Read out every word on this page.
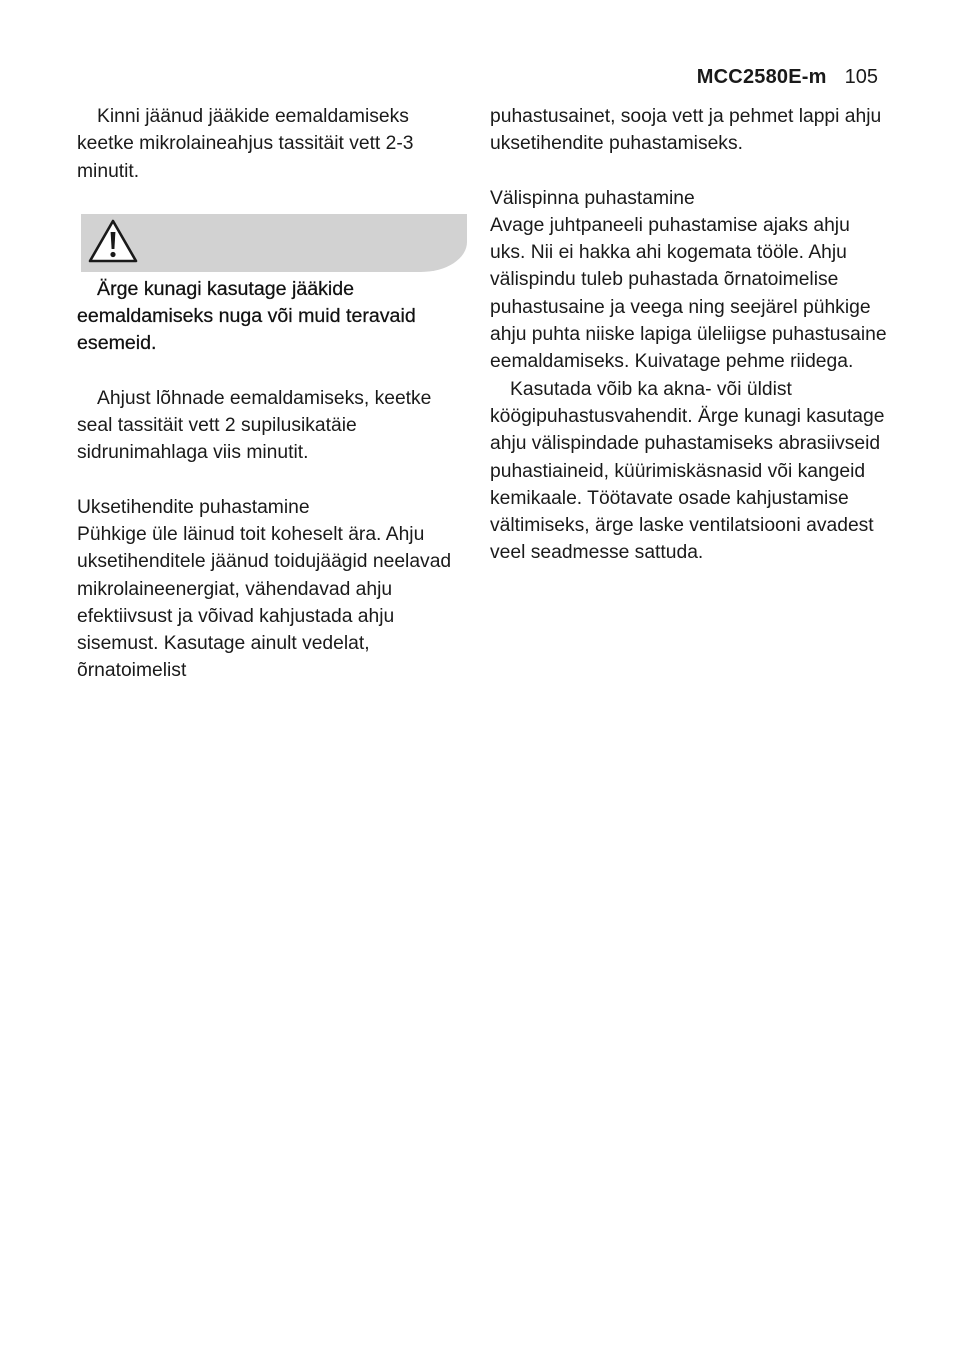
MCC2580E-m 105

Kinni jäänud jääkide eemaldamiseks keetke mikrolaineahjus tassitäit vett 2-3 minutit.

Ärge kunagi kasutage jääkide eemaldamiseks nuga või muid teravaid esemeid.

Ahjust lõhnade eemaldamiseks, keetke seal tassitäit vett 2 supilusikatäie sidrunimahlaga viis minutit.

Uksetihendite puhastamine

Pühkige üle läinud toit koheselt ära. Ahju uksetihenditele jäänud toidujäägid neelavad mikrolaineenergiat, vähendavad ahju efektiivsust ja võivad kahjustada ahju sisemust. Kasutage ainult vedelat, õrnatoimelist

puhastusainet, sooja vett ja pehmet lappi ahju uksetihendite puhastamiseks.

Välispinna puhastamine

Avage juhtpaneeli puhastamise ajaks ahju uks. Nii ei hakka ahi kogemata tööle. Ahju välispindu tuleb puhastada õrnatoimelise puhastusaine ja veega ning seejärel pühkige ahju puhta niiske lapiga üleliigse puhastusaine eemaldamiseks. Kuivatage pehme riidega.

Kasutada võib ka akna- või üldist köögipuhastusvahendit. Ärge kunagi kasutage ahju välispindade puhastamiseks abrasiivseid puhastiaineid, küürimiskäsnasid või kangeid kemikaale. Töötavate osade kahjustamise vältimiseks, ärge laske ventilatsiooni avadest veel seadmesse sattuda.
